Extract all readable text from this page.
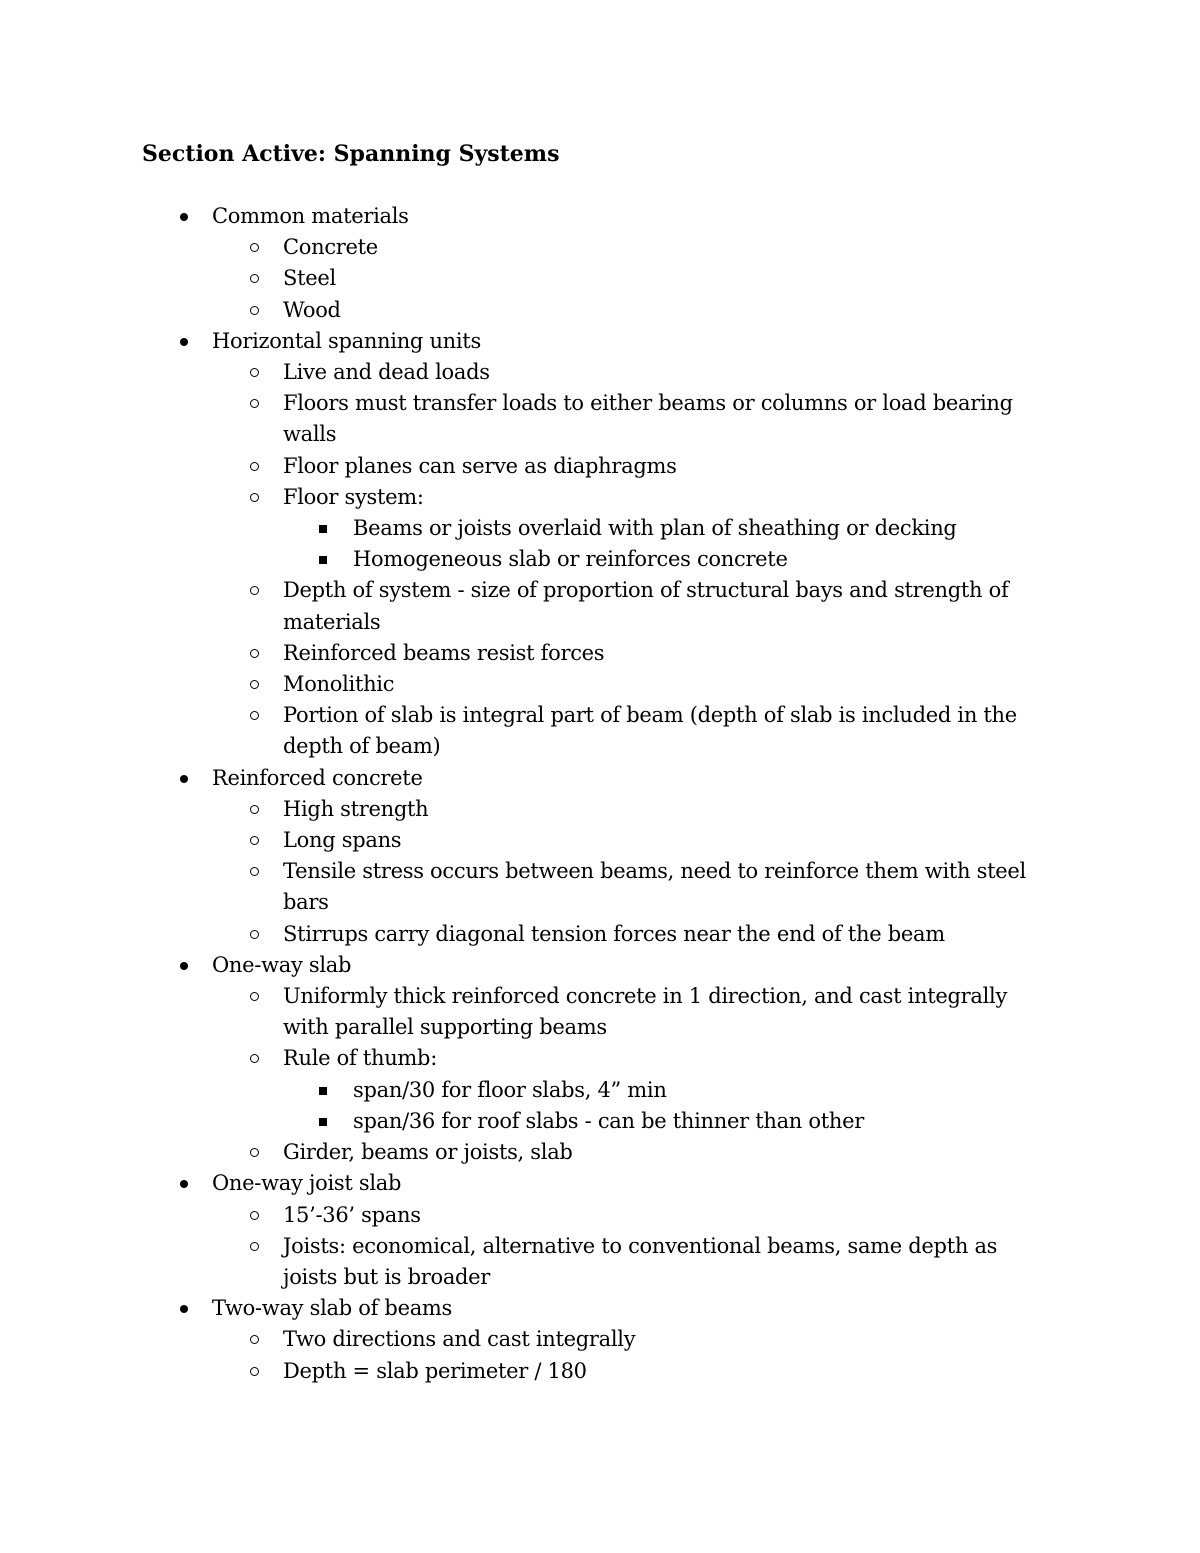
Section Active: Spanning Systems
Common materials
Concrete
Steel
Wood
Horizontal spanning units
Live and dead loads
Floors must transfer loads to either beams or columns or load bearing walls
Floor planes can serve as diaphragms
Floor system:
Beams or joists overlaid with plan of sheathing or decking
Homogeneous slab or reinforces concrete
Depth of system - size of proportion of structural bays and strength of materials
Reinforced beams resist forces
Monolithic
Portion of slab is integral part of beam (depth of slab is included in the depth of beam)
Reinforced concrete
High strength
Long spans
Tensile stress occurs between beams, need to reinforce them with steel bars
Stirrups carry diagonal tension forces near the end of the beam
One-way slab
Uniformly thick reinforced concrete in 1 direction, and cast integrally with parallel supporting beams
Rule of thumb:
span/30 for floor slabs, 4” min
span/36 for roof slabs - can be thinner than other
Girder, beams or joists, slab
One-way joist slab
15’-36’ spans
Joists: economical, alternative to conventional beams, same depth as joists but is broader
Two-way slab of beams
Two directions and cast integrally
Depth = slab perimeter / 180
